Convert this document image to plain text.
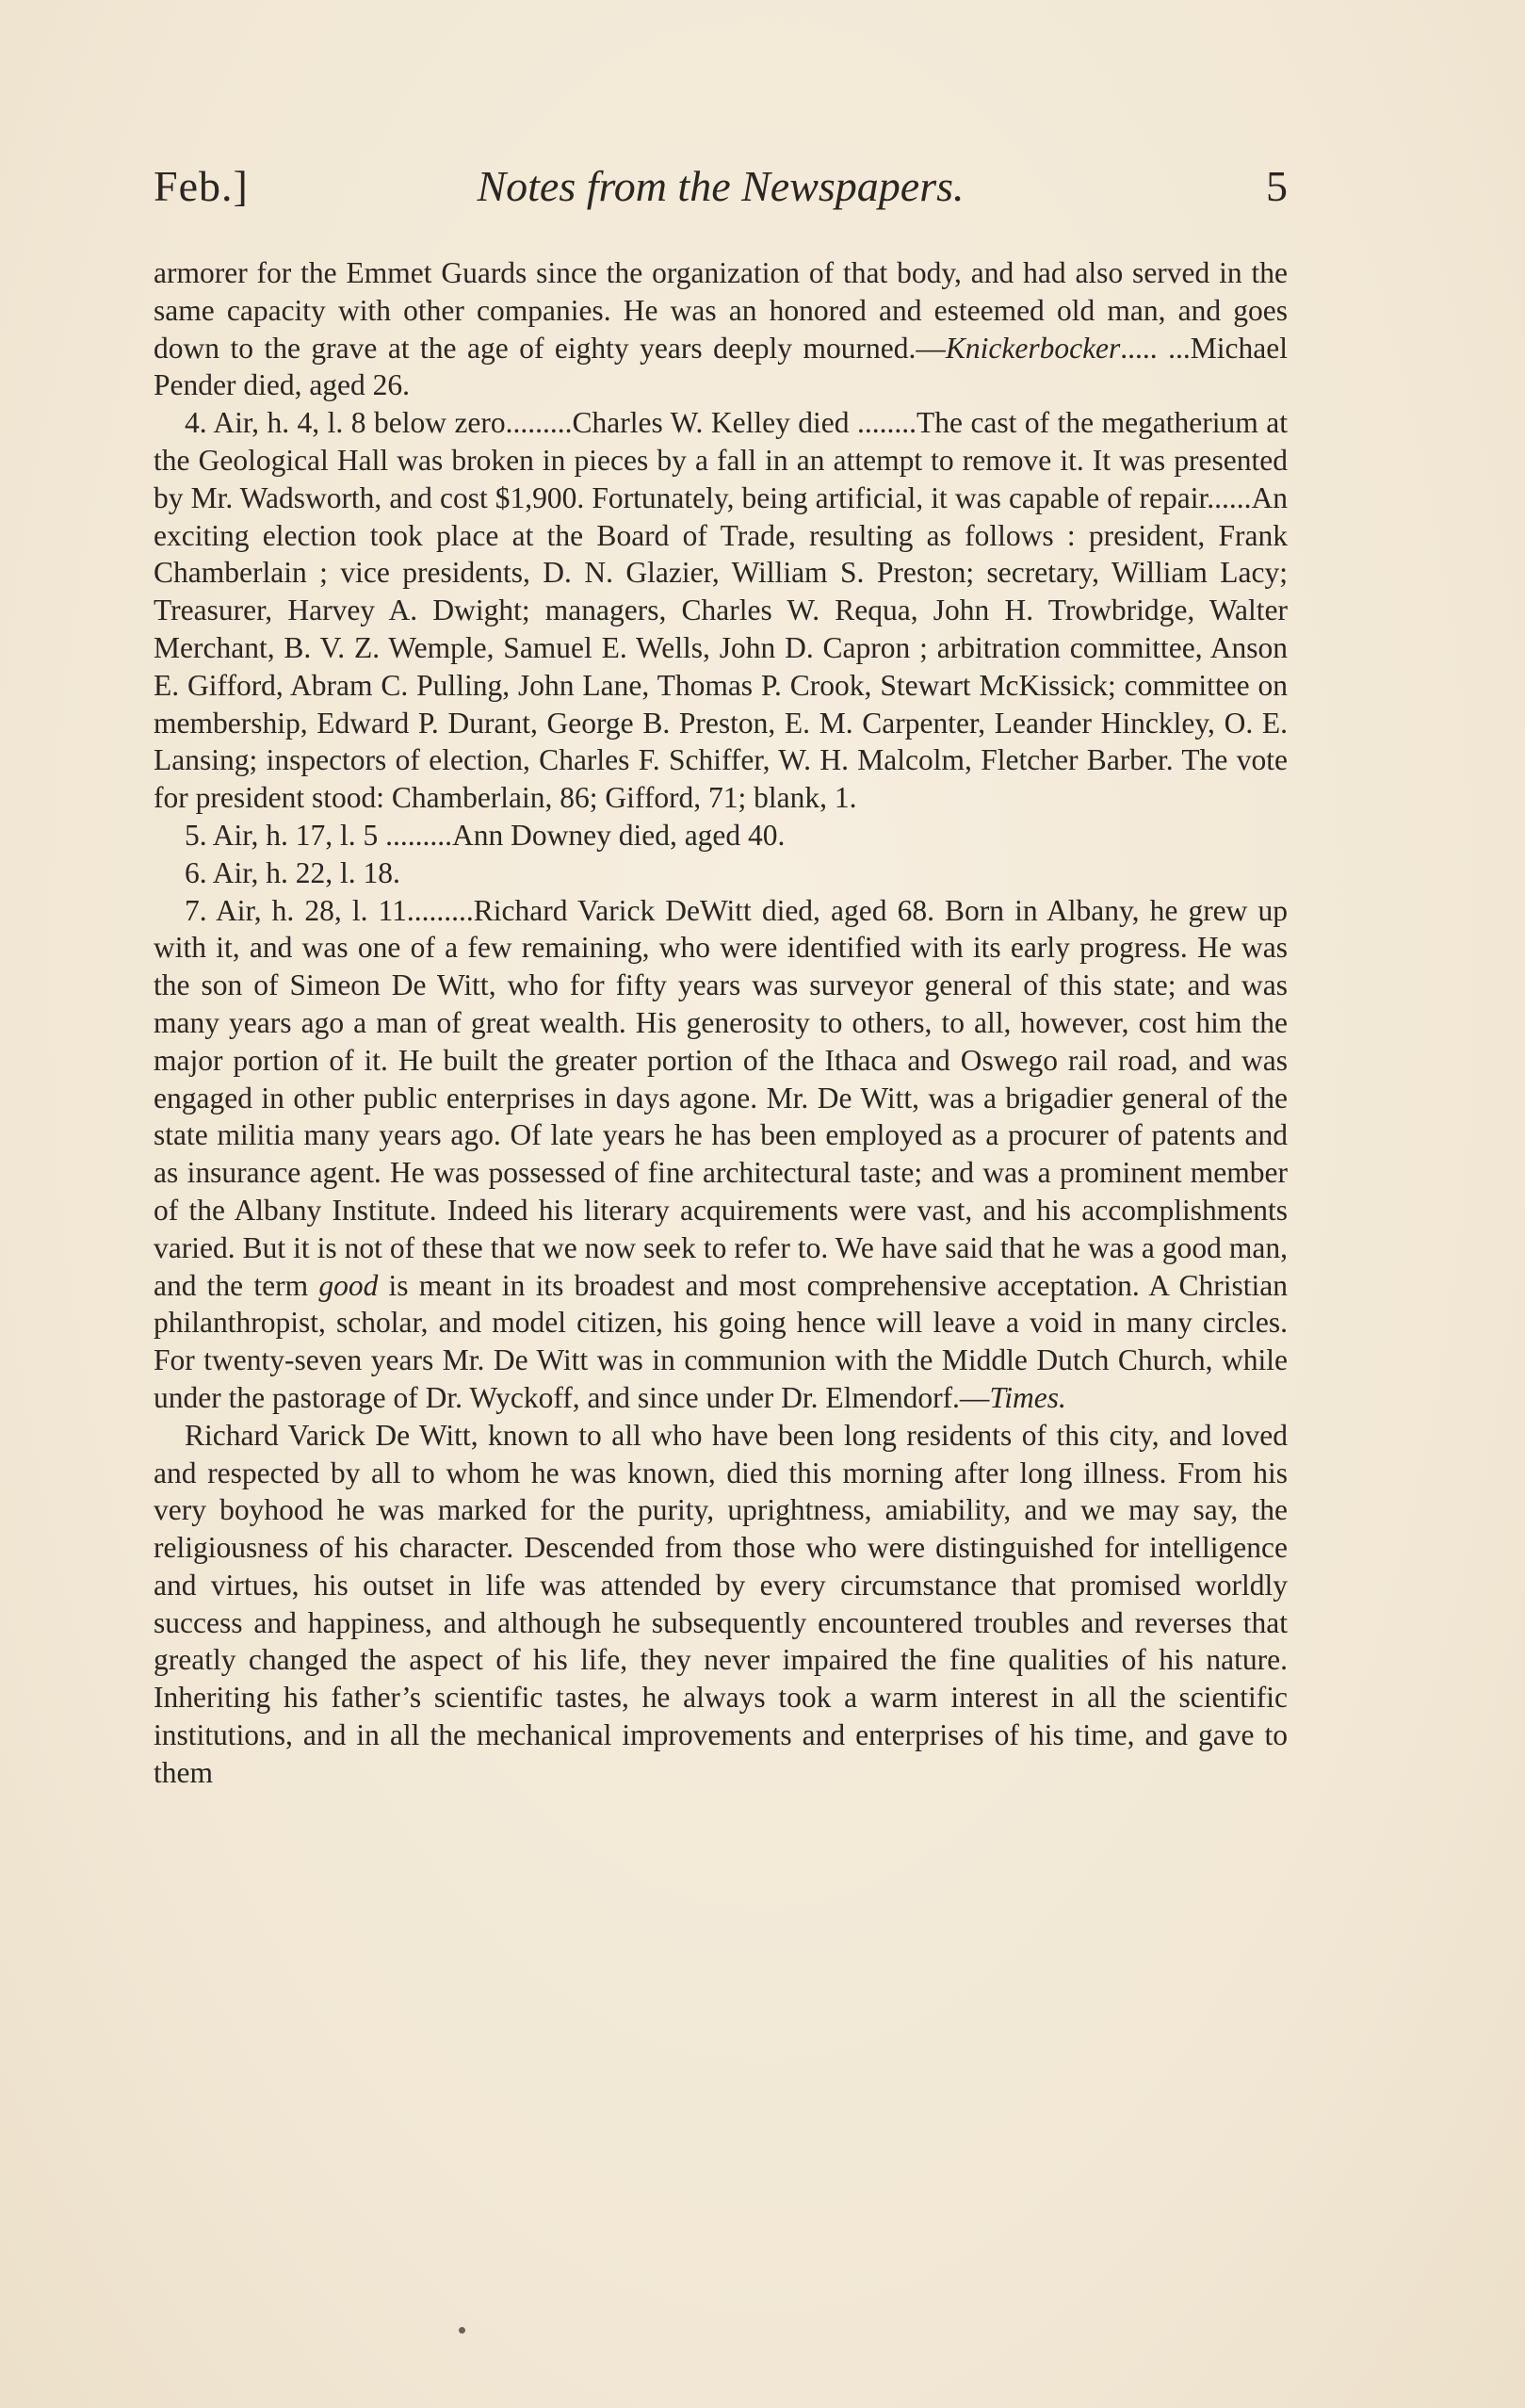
Feb.]	Notes from the Newspapers.	5

armorer for the Emmet Guards since the organization of that body, and had also served in the same capacity with other companies. He was an honored and esteemed old man, and goes down to the grave at the age of eighty years deeply mourned.—Knickerbocker..... ...Michael Pender died, aged 26.

4. Air, h. 4, l. 8 below zero.........Charles W. Kelley died ........The cast of the megatherium at the Geological Hall was broken in pieces by a fall in an attempt to remove it. It was presented by Mr. Wadsworth, and cost $1,900. Fortunately, being artificial, it was capable of repair......An exciting election took place at the Board of Trade, resulting as follows : president, Frank Chamberlain ; vice presidents, D. N. Glazier, William S. Preston; secretary, William Lacy; Treasurer, Harvey A. Dwight; managers, Charles W. Requa, John H. Trowbridge, Walter Merchant, B. V. Z. Wemple, Samuel E. Wells, John D. Capron ; arbitration committee, Anson E. Gifford, Abram C. Pulling, John Lane, Thomas P. Crook, Stewart McKissick; committee on membership, Edward P. Durant, George B. Preston, E. M. Carpenter, Leander Hinckley, O. E. Lansing; inspectors of election, Charles F. Schiffer, W. H. Malcolm, Fletcher Barber. The vote for president stood: Chamberlain, 86; Gifford, 71; blank, 1.

5. Air, h. 17, l. 5 .........Ann Downey died, aged 40.

6. Air, h. 22, l. 18.

7. Air, h. 28, l. 11.........Richard Varick DeWitt died, aged 68. Born in Albany, he grew up with it, and was one of a few remaining, who were identified with its early progress. He was the son of Simeon De Witt, who for fifty years was surveyor general of this state; and was many years ago a man of great wealth. His generosity to others, to all, however, cost him the major portion of it. He built the greater portion of the Ithaca and Oswego rail road, and was engaged in other public enterprises in days agone. Mr. De Witt, was a brigadier general of the state militia many years ago. Of late years he has been employed as a procurer of patents and as insurance agent. He was possessed of fine architectural taste; and was a prominent member of the Albany Institute. Indeed his literary acquirements were vast, and his accomplishments varied. But it is not of these that we now seek to refer to. We have said that he was a good man, and the term good is meant in its broadest and most comprehensive acceptation. A Christian philanthropist, scholar, and model citizen, his going hence will leave a void in many circles. For twenty-seven years Mr. De Witt was in communion with the Middle Dutch Church, while under the pastorage of Dr. Wyckoff, and since under Dr. Elmendorf.—Times.

Richard Varick De Witt, known to all who have been long residents of this city, and loved and respected by all to whom he was known, died this morning after long illness. From his very boyhood he was marked for the purity, uprightness, amiability, and we may say, the religiousness of his character. Descended from those who were distinguished for intelligence and virtues, his outset in life was attended by every circumstance that promised worldly success and happiness, and although he subsequently encountered troubles and reverses that greatly changed the aspect of his life, they never impaired the fine qualities of his nature. Inheriting his father’s scientific tastes, he always took a warm interest in all the scientific institutions, and in all the mechanical improvements and enterprises of his time, and gave to them
